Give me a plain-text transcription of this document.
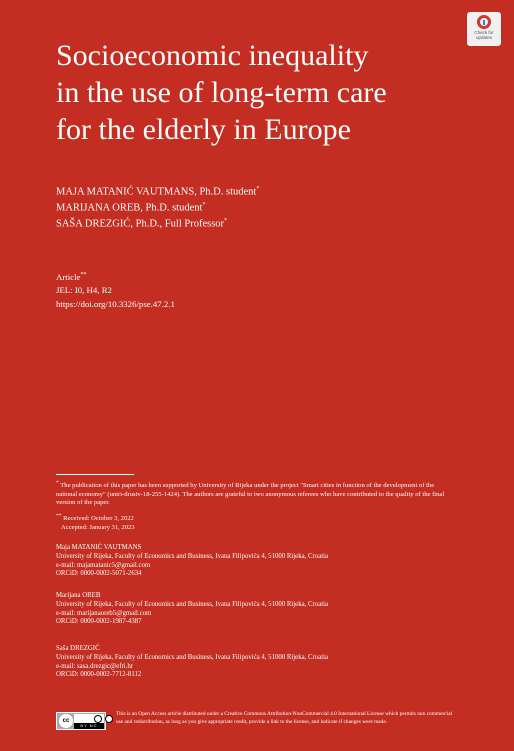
Check for updates
Socioeconomic inequality
in the use of long-term care
for the elderly in Europe
MAJA MATANIĆ VAUTMANS, Ph.D. student*
MARIJANA OREB, Ph.D. student*
SAŠA DREZGIĆ, Ph.D., Full Professor*
Article**
JEL: I0, H4, R2
https://doi.org/10.3326/pse.47.2.1
* The publication of this paper has been supported by University of Rijeka under the project "Smart cities in function of the development of the national economy" (uniri-drustv-18-255-1424). The authors are grateful to two anonymous referees who have contributed to the quality of the final version of the paper.
** Received: October 3, 2022
Accepted: January 31, 2023
Maja MATANIĆ VAUTMANS
University of Rijeka, Faculty of Economics and Business, Ivana Filipovića 4, 51000 Rijeka, Croatia
e-mail: majamatanic5@gmail.com
ORCiD: 0000-0002-5071-2634
Marijana OREB
University of Rijeka, Faculty of Economics and Business, Ivana Filipovića 4, 51000 Rijeka, Croatia
e-mail: marijanaoreb5@gmail.com
ORCiD: 0000-0002-1987-4387
Saša DREZGIĆ
University of Rijeka, Faculty of Economics and Business, Ivana Filipovića 4, 51000 Rijeka, Croatia
e-mail: sasa.drezgic@efri.hr
ORCiD: 0000-0002-7712-8112
cc
BY NC
This is an Open Access article distributed under a Creative Commons Attribution-NonCommercial 4.0 International License which permits non commercial use and redistribution, as long as you give appropriate credit, provide a link to the license, and indicate if changes were made.
